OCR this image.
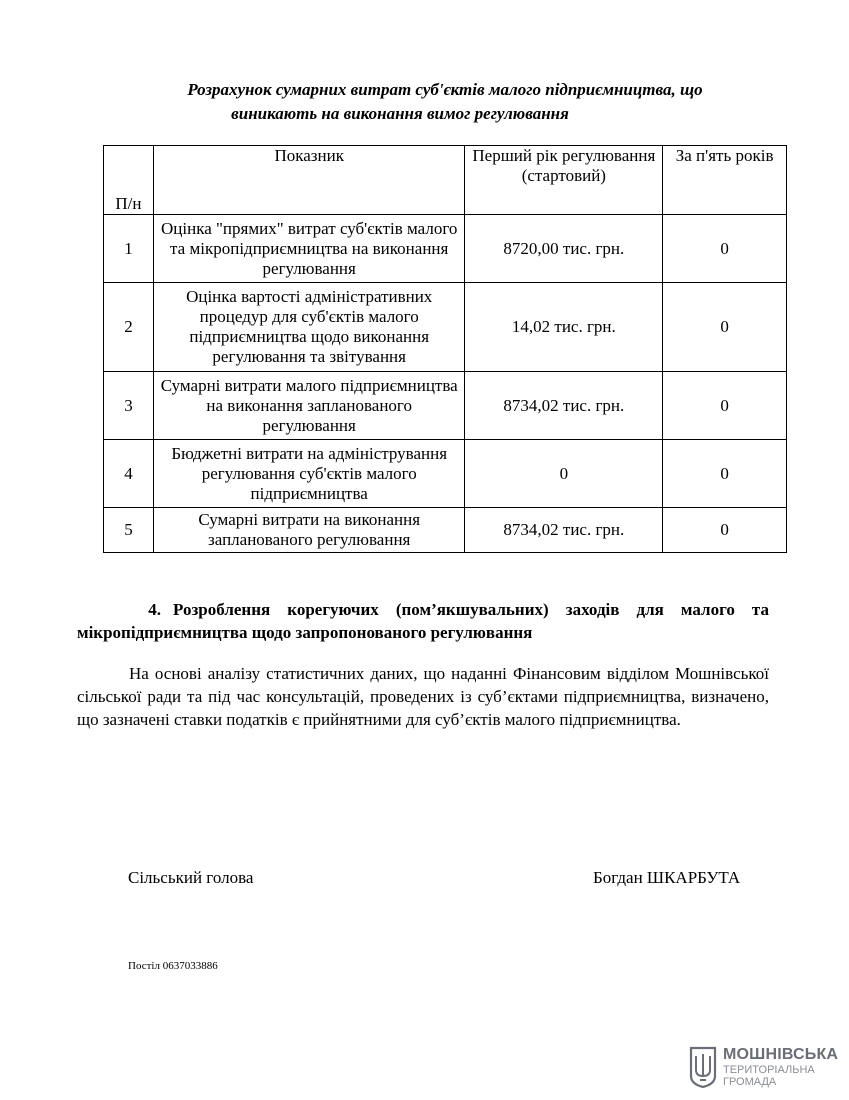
Розрахунок сумарних витрат суб'єктів малого підприємництва, що
виникають на виконання вимог регулювання
П/н	Показник	Перший рік регулювання (стартовий)	За п'ять років
1	Оцінка "прямих" витрат суб'єктів малого та мікропідприємництва на виконання регулювання	8720,00 тис. грн.	0
2	Оцінка вартості адміністративних процедур для суб'єктів малого підприємництва щодо виконання регулювання та звітування	14,02 тис. грн.	0
3	Сумарні витрати малого підприємництва на виконання запланованого регулювання	8734,02 тис. грн.	0
4	Бюджетні витрати на адміністрування регулювання суб'єктів малого підприємництва	0	0
5	Сумарні витрати на виконання запланованого регулювання	8734,02 тис. грн.	0
4. Розроблення корегуючих (пом’якшувальних) заходів для малого та мікропідприємництва щодо запропонованого регулювання
На основі аналізу статистичних даних, що наданні Фінансовим відділом Мошнівської сільської ради та під час консультацій, проведених із суб’єктами підприємництва, визначено, що зазначені ставки податків є прийнятними для суб’єктів малого підприємництва.
Сільський голова	Богдан ШКАРБУТА
Постіл 0637033886
МОШНІВСЬКА
ТЕРИТОРІАЛЬНА
ГРОМАДА
